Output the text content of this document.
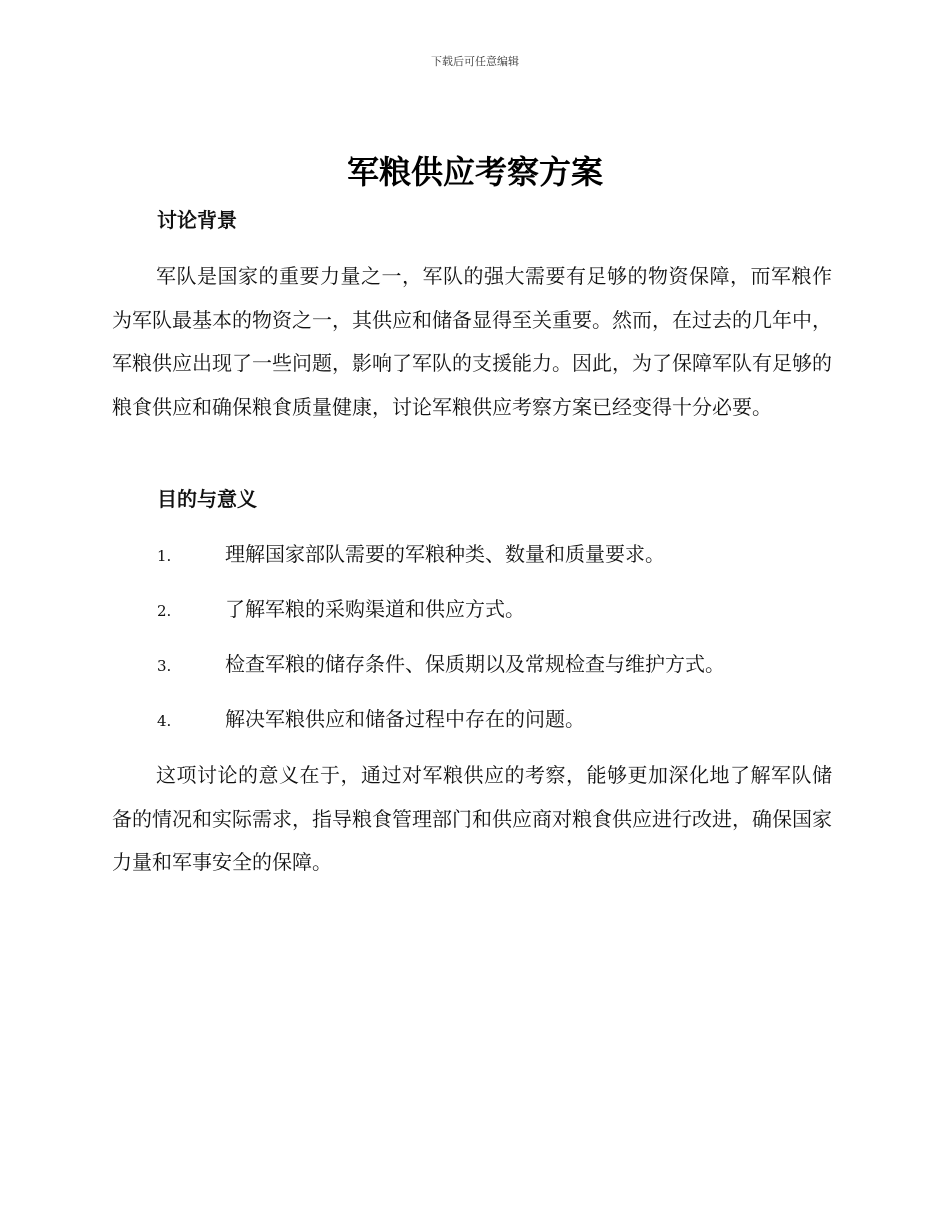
下载后可任意编辑
军粮供应考察方案
讨论背景

军队是国家的重要力量之一，军队的强大需要有足够的物资保障，而军粮作为军队最基本的物资之一，其供应和储备显得至关重要。然而，在过去的几年中，军粮供应出现了一些问题，影响了军队的支援能力。因此，为了保障军队有足够的粮食供应和确保粮食质量健康，讨论军粮供应考察方案已经变得十分必要。

目的与意义
1.	理解国家部队需要的军粮种类、数量和质量要求。
2.	了解军粮的采购渠道和供应方式。
3.	检查军粮的储存条件、保质期以及常规检查与维护方式。
4.	解决军粮供应和储备过程中存在的问题。

这项讨论的意义在于，通过对军粮供应的考察，能够更加深化地了解军队储备的情况和实际需求，指导粮食管理部门和供应商对粮食供应进行改进，确保国家力量和军事安全的保障。
